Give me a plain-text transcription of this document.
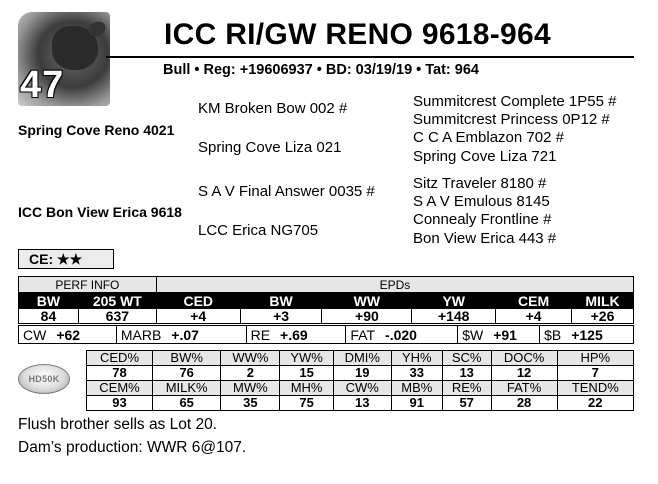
47
ICC RI/GW RENO 9618-964
Bull • Reg: +19606937 • BD: 03/19/19 • Tat: 964
Spring Cove Reno 4021
KM Broken Bow 002 #
Spring Cove Liza 021
Summitcrest Complete 1P55 #
Summitcrest Princess 0P12 #
C C A Emblazon 702 #
Spring Cove Liza 721
ICC Bon View Erica 9618
S A V Final Answer 0035 #
LCC Erica NG705
Sitz Traveler 8180 #
S A V Emulous 8145
Connealy Frontline #
Bon View Erica 443 #
CE: ★★
PERF INFO		EPDs					
BW	205 WT	CED	BW	WW	YW	CEM	MILK
84	637	+4	+3	+90	+148	+4	+26
CW +62	MARB +.07	RE +.69	FAT -.020	$W +91	$B +125
HD50K
CED%	BW%	WW%	YW%	DMI%	YH%	SC%	DOC%	HP%
78	76	2	15	19	33	13	12	7
CEM%	MILK%	MW%	MH%	CW%	MB%	RE%	FAT%	TEND%
93	65	35	75	13	91	57	28	22
Flush brother sells as Lot 20.
Dam’s production: WWR 6@107.
